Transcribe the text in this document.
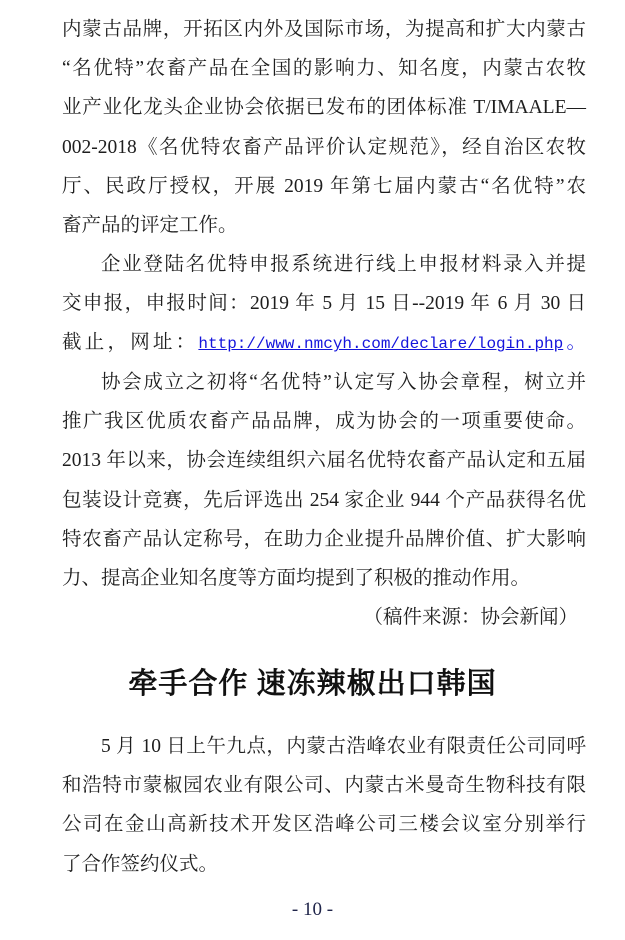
内蒙古品牌，开拓区内外及国际市场，为提高和扩大内蒙古
“名优特”农畜产品在全国的影响力、知名度，内蒙古农牧
业产业化龙头企业协会依据已发布的团体标准 T/IMAALE—
002-2018《名优特农畜产品评价认定规范》，经自治区农牧
厅、民政厅授权，开展 2019 年第七届内蒙古“名优特”农
畜产品的评定工作。
企业登陆名优特申报系统进行线上申报材料录入并提
交申报，申报时间：2019 年 5 月 15 日--2019 年 6 月 30 日
截止，网址：http://www.nmcyh.com/declare/login.php。
协会成立之初将“名优特”认定写入协会章程，树立并
推广我区优质农畜产品品牌，成为协会的一项重要使命。
2013 年以来，协会连续组织六届名优特农畜产品认定和五届
包装设计竞赛，先后评选出 254 家企业 944 个产品获得名优
特农畜产品认定称号，在助力企业提升品牌价值、扩大影响
力、提高企业知名度等方面均提到了积极的推动作用。
（稿件来源：协会新闻）
牵手合作 速冻辣椒出口韩国
5 月 10 日上午九点，内蒙古浩峰农业有限责任公司同呼
和浩特市蒙椒园农业有限公司、内蒙古米曼奇生物科技有限
公司在金山高新技术开发区浩峰公司三楼会议室分别举行
了合作签约仪式。
- 10 -
